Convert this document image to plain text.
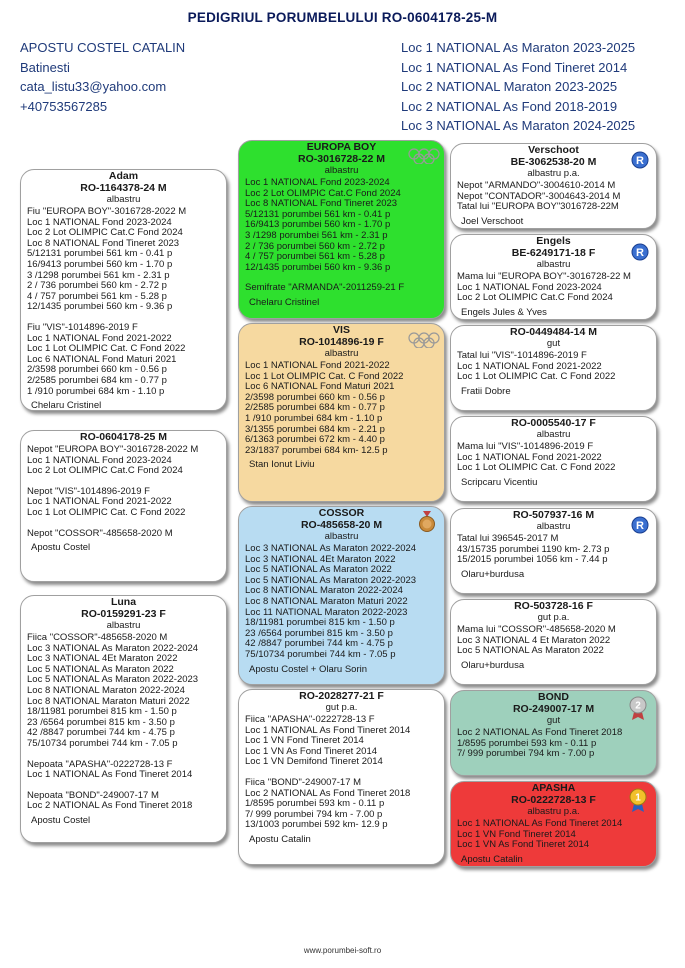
PEDIGRIUL PORUMBELULUI RO-0604178-25-M
APOSTU COSTEL CATALIN
Batinesti
cata_listu33@yahoo.com
+40753567285
Loc 1 NATIONAL As Maraton 2023-2025
Loc 1 NATIONAL As Fond Tineret 2014
Loc 2 NATIONAL Maraton 2023-2025
Loc 2 NATIONAL As Fond 2018-2019
Loc 3 NATIONAL As Maraton 2024-2025
Adam
RO-1164378-24 M
albastru
Fiu "EUROPA BOY"-3016728-2022 M
Loc 1 NATIONAL Fond 2023-2024
Loc 2 Lot OLIMPIC Cat.C Fond 2024
Loc 8 NATIONAL Fond Tineret 2023
5/12131 porumbei 561 km - 0.41 p
16/9413 porumbei 560 km - 1.70 p
3 /1298 porumbei 561 km - 2.31 p
2 / 736 porumbei 560 km - 2.72 p
4 / 757 porumbei 561 km - 5.28 p
12/1435 porumbei 560 km - 9.36 p
Fiu "VIS"-1014896-2019 F
Loc 1 NATIONAL Fond 2021-2022
Loc 1 Lot OLIMPIC Cat. C Fond 2022
Loc 6 NATIONAL Fond Maturi 2021
2/3598 porumbei 660 km - 0.56 p
2/2585 porumbei 684 km - 0.77 p
1 /910 porumbei 684 km - 1.10 p
Chelaru Cristinel
RO-0604178-25 M
Nepot "EUROPA BOY"-3016728-2022 M
Loc 1 NATIONAL Fond 2023-2024
Loc 2 Lot OLIMPIC Cat.C Fond 2024
Nepot "VIS"-1014896-2019 F
Loc 1 NATIONAL Fond 2021-2022
Loc 1 Lot OLIMPIC Cat. C Fond 2022
Nepot "COSSOR"-485658-2020 M
Apostu Costel
Luna
RO-0159291-23 F
albastru
Fiica "COSSOR"-485658-2020 M
Loc 3 NATIONAL As Maraton 2022-2024
Loc 3 NATIONAL 4Et Maraton 2022
Loc 5 NATIONAL As Maraton 2022
Loc 5 NATIONAL As Maraton 2022-2023
Loc 8 NATIONAL Maraton 2022-2024
Loc 8 NATIONAL Maraton Maturi 2022
18/11981 porumbei 815 km - 1.50 p
23 /6564 porumbei 815 km - 3.50 p
42 /8847 porumbei 744 km - 4.75 p
75/10734 porumbei 744 km - 7.05 p
Nepoata "APASHA"-0222728-13 F
Loc 1 NATIONAL As Fond Tineret 2014
Nepoata "BOND"-249007-17 M
Loc 2 NATIONAL As Fond Tineret 2018
Apostu Costel
EUROPA BOY
RO-3016728-22 M
albastru
Loc 1 NATIONAL Fond 2023-2024
Loc 2 Lot OLIMPIC Cat.C Fond 2024
Loc 8 NATIONAL Fond Tineret 2023
5/12131 porumbei 561 km - 0.41 p
16/9413 porumbei 560 km - 1.70 p
3 /1298 porumbei 561 km - 2.31 p
2 / 736 porumbei 560 km - 2.72 p
4 / 757 porumbei 561 km - 5.28 p
12/1435 porumbei 560 km - 9.36 p
Semifrate "ARMANDA"-2011259-21 F
Chelaru Cristinel
VIS
RO-1014896-19 F
albastru
Loc 1 NATIONAL Fond 2021-2022
Loc 1 Lot OLIMPIC Cat. C Fond 2022
Loc 6 NATIONAL Fond Maturi 2021
2/3598 porumbei 660 km - 0.56 p
2/2585 porumbei 684 km - 0.77 p
1 /910 porumbei 684 km - 1.10 p
3/1355 porumbei 684 km - 2.21 p
6/1363 porumbei 672 km - 4.40 p
23/1837 porumbei 684 km- 12.5 p
Stan Ionut Liviu
COSSOR
RO-485658-20 M
albastru
Loc 3 NATIONAL As Maraton 2022-2024
Loc 3 NATIONAL 4Et Maraton 2022
Loc 5 NATIONAL As Maraton 2022
Loc 5 NATIONAL As Maraton 2022-2023
Loc 8 NATIONAL Maraton 2022-2024
Loc 8 NATIONAL Maraton Maturi 2022
Loc 11 NATIONAL Maraton 2022-2023
18/11981 porumbei 815 km - 1.50 p
23 /6564 porumbei 815 km - 3.50 p
42 /8847 porumbei 744 km - 4.75 p
75/10734 porumbei 744 km - 7.05 p
Apostu Costel + Olaru Sorin
RO-2028277-21 F
gut p.a.
Fiica "APASHA"-0222728-13 F
Loc 1 NATIONAL As Fond Tineret 2014
Loc 1 VN Fond Tineret 2014
Loc 1 VN As Fond Tineret 2014
Loc 1 VN Demifond Tineret 2014
Fiica "BOND"-249007-17 M
Loc 2 NATIONAL As Fond Tineret 2018
1/8595 porumbei 593 km - 0.11 p
7/ 999 porumbei 794 km - 7.00 p
13/1003 porumbei 592 km- 12.9 p
Apostu Catalin
Verschoot
BE-3062538-20 M
albastru p.a.
Nepot "ARMANDO"-3004610-2014 M
Nepot "CONTADOR"-3004643-2014 M
Tatal lui "EUROPA BOY"3016728-22M
Joel Verschoot
Engels
BE-6249171-18 F
albastru
Mama lui "EUROPA BOY"-3016728-22 M
Loc 1 NATIONAL Fond 2023-2024
Loc 2 Lot OLIMPIC Cat.C Fond 2024
Engels Jules & Yves
RO-0449484-14 M
gut
Tatal lui "VIS"-1014896-2019 F
Loc 1 NATIONAL Fond 2021-2022
Loc 1 Lot OLIMPIC Cat. C Fond 2022
Fratii Dobre
RO-0005540-17 F
albastru
Mama lui "VIS"-1014896-2019 F
Loc 1 NATIONAL Fond 2021-2022
Loc 1 Lot OLIMPIC Cat. C Fond 2022
Scripcaru Vicentiu
RO-507937-16 M
albastru
Tatal lui 396545-2017 M
43/15735 porumbei 1190 km- 2.73 p
15/2015 porumbei 1056 km - 7.44 p
Olaru+burdusa
RO-503728-16 F
gut p.a.
Mama lui "COSSOR"-485658-2020 M
Loc 3 NATIONAL 4 Et Maraton 2022
Loc 5 NATIONAL As Maraton 2022
Olaru+burdusa
BOND
RO-249007-17 M
gut
Loc 2 NATIONAL As Fond Tineret 2018
1/8595 porumbei 593 km - 0.11 p
7/ 999 porumbei 794 km - 7.00 p
APASHA
RO-0222728-13 F
albastru p.a.
Loc 1 NATIONAL As Fond Tineret 2014
Loc 1 VN Fond Tineret 2014
Loc 1 VN As Fond Tineret 2014
Apostu Catalin
R
R
R
2
1
www.porumbei-soft.ro
